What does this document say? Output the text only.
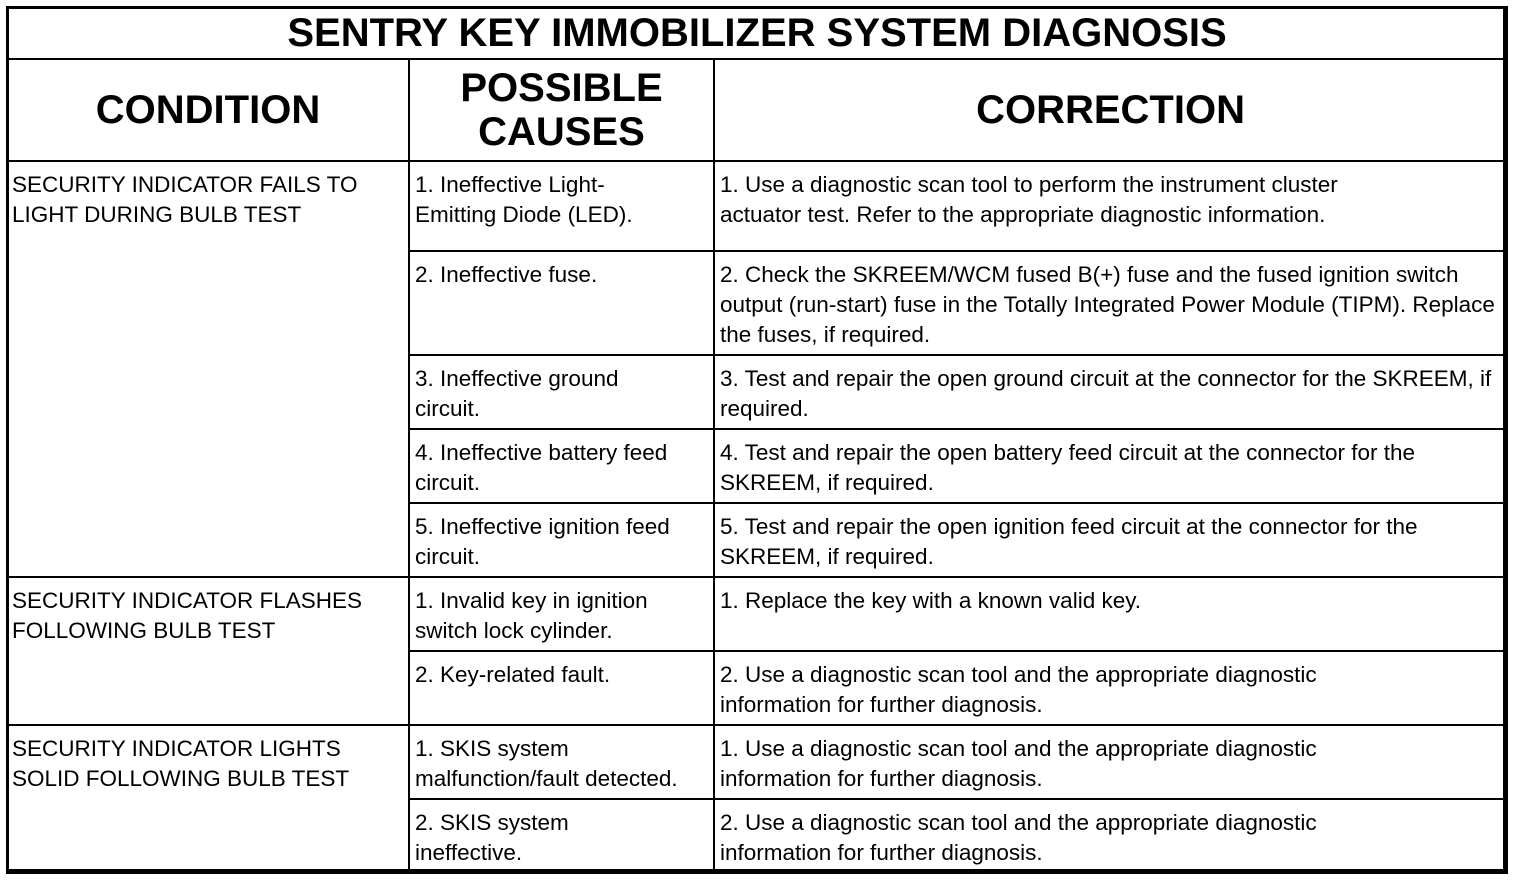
SENTRY KEY IMMOBILIZER SYSTEM DIAGNOSIS		
CONDITION	POSSIBLE CAUSES	CORRECTION
SECURITY INDICATOR FAILS TO LIGHT DURING BULB TEST	1. Ineffective Light-Emitting Diode (LED).	1. Use a diagnostic scan tool to perform the instrument cluster actuator test. Refer to the appropriate diagnostic information.
	2. Ineffective fuse.	2. Check the SKREEM/WCM fused B(+) fuse and the fused ignition switch output (run-start) fuse in the Totally Integrated Power Module (TIPM). Replace the fuses, if required.
	3. Ineffective ground circuit.	3. Test and repair the open ground circuit at the connector for the SKREEM, if required.
	4. Ineffective battery feed circuit.	4. Test and repair the open battery feed circuit at the connector for the SKREEM, if required.
	5. Ineffective ignition feed circuit.	5. Test and repair the open ignition feed circuit at the connector for the SKREEM, if required.
SECURITY INDICATOR FLASHES FOLLOWING BULB TEST	1. Invalid key in ignition switch lock cylinder.	1. Replace the key with a known valid key.
	2. Key-related fault.	2. Use a diagnostic scan tool and the appropriate diagnostic information for further diagnosis.
SECURITY INDICATOR LIGHTS SOLID FOLLOWING BULB TEST	1. SKIS system malfunction/fault detected.	1. Use a diagnostic scan tool and the appropriate diagnostic information for further diagnosis.
	2. SKIS system ineffective.	2. Use a diagnostic scan tool and the appropriate diagnostic information for further diagnosis.
